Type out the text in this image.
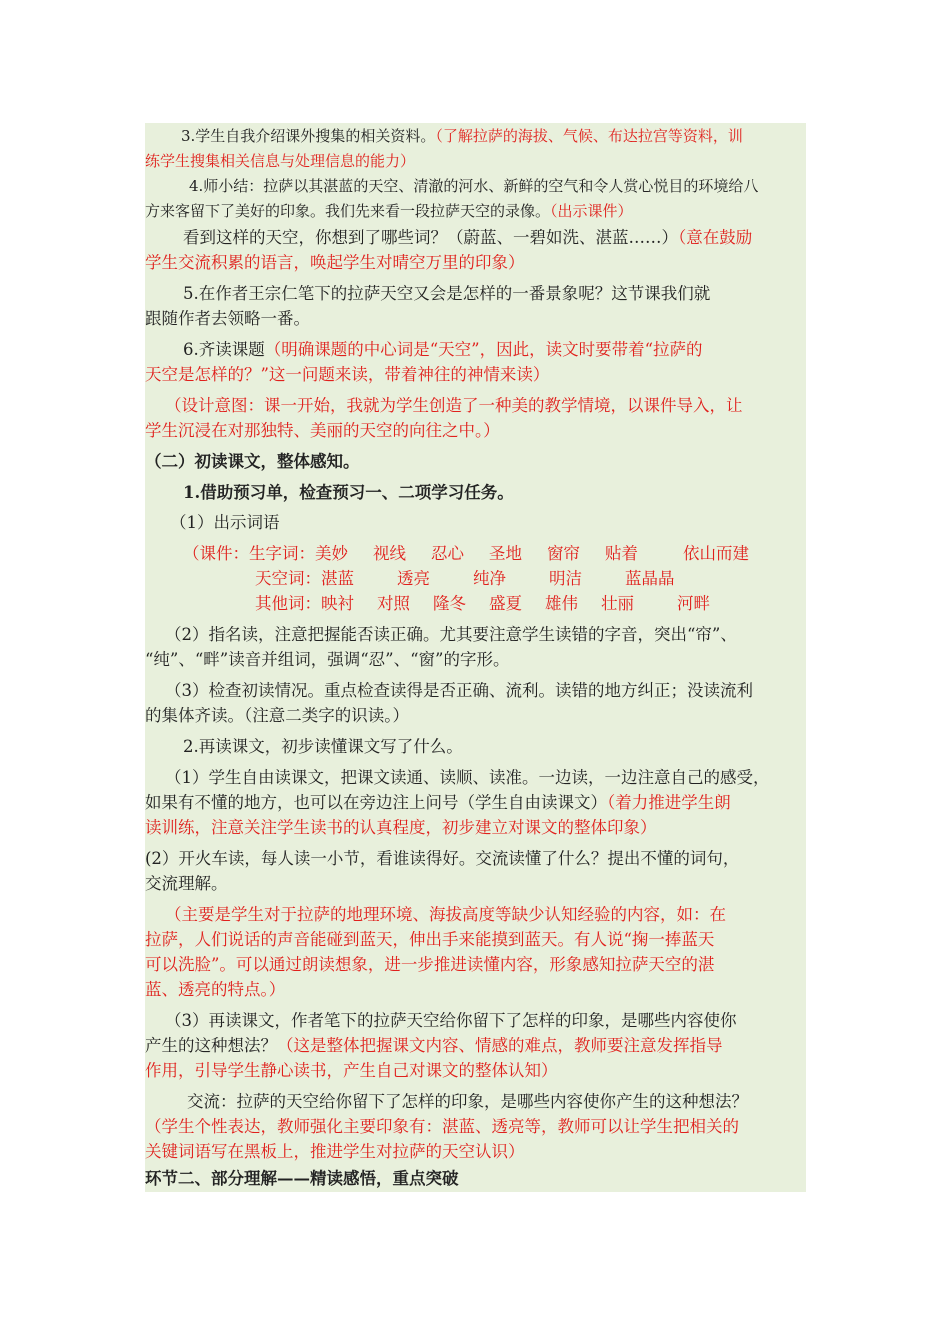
3.学生自我介绍课外搜集的相关资料。（了解拉萨的海拔、气候、布达拉宫等资料，训
练学生搜集相关信息与处理信息的能力）
4.师小结：拉萨以其湛蓝的天空、清澈的河水、新鲜的空气和令人赏心悦目的环境给八
方来客留下了美好的印象。我们先来看一段拉萨天空的录像。（出示课件）
看到这样的天空，你想到了哪些词？（蔚蓝、一碧如洗、湛蓝……）（意在鼓励
学生交流积累的语言，唤起学生对晴空万里的印象）
5.在作者王宗仁笔下的拉萨天空又会是怎样的一番景象呢？这节课我们就
跟随作者去领略一番。
6.齐读课题（明确课题的中心词是“天空”，因此，读文时要带着“拉萨的
天空是怎样的？”这一问题来读，带着神往的神情来读）
（设计意图：课一开始，我就为学生创造了一种美的教学情境，以课件导入，让
学生沉浸在对那独特、美丽的天空的向往之中。）
（二）初读课文，整体感知。
1.借助预习单，检查预习一、二项学习任务。
（1）出示词语
（课件：生字词：美妙 视线 忍心 圣地 窗帘 贴着	依山而建
天空词：湛蓝	透亮	纯净	明洁	蓝晶晶
其他词：映衬 对照 隆冬 盛夏 雄伟 壮丽	河畔
（2）指名读，注意把握能否读正确。尤其要注意学生读错的字音，突出“帘”、
“纯”、“畔”读音并组词，强调“忍”、“窗”的字形。
（3）检查初读情况。重点检查读得是否正确、流利。读错的地方纠正；没读流利
的集体齐读。（注意二类字的识读。）
2.再读课文，初步读懂课文写了什么。
（1）学生自由读课文，把课文读通、读顺、读准。一边读，一边注意自己的感受，
如果有不懂的地方，也可以在旁边注上问号（学生自由读课文）（着力推进学生朗
读训练，注意关注学生读书的认真程度，初步建立对课文的整体印象）
(2）开火车读，每人读一小节，看谁读得好。交流读懂了什么？提出不懂的词句，
交流理解。
（主要是学生对于拉萨的地理环境、海拔高度等缺少认知经验的内容，如：在
拉萨，人们说话的声音能碰到蓝天，伸出手来能摸到蓝天。有人说“掬一捧蓝天
可以洗脸”。可以通过朗读想象，进一步推进读懂内容，形象感知拉萨天空的湛
蓝、透亮的特点。）
（3）再读课文，作者笔下的拉萨天空给你留下了怎样的印象，是哪些内容使你
产生的这种想法？（这是整体把握课文内容、情感的难点，教师要注意发挥指导
作用，引导学生静心读书，产生自己对课文的整体认知）
交流：拉萨的天空给你留下了怎样的印象，是哪些内容使你产生的这种想法？
（学生个性表达，教师强化主要印象有：湛蓝、透亮等，教师可以让学生把相关的
关键词语写在黑板上，推进学生对拉萨的天空认识）
环节二、部分理解——精读感悟，重点突破
